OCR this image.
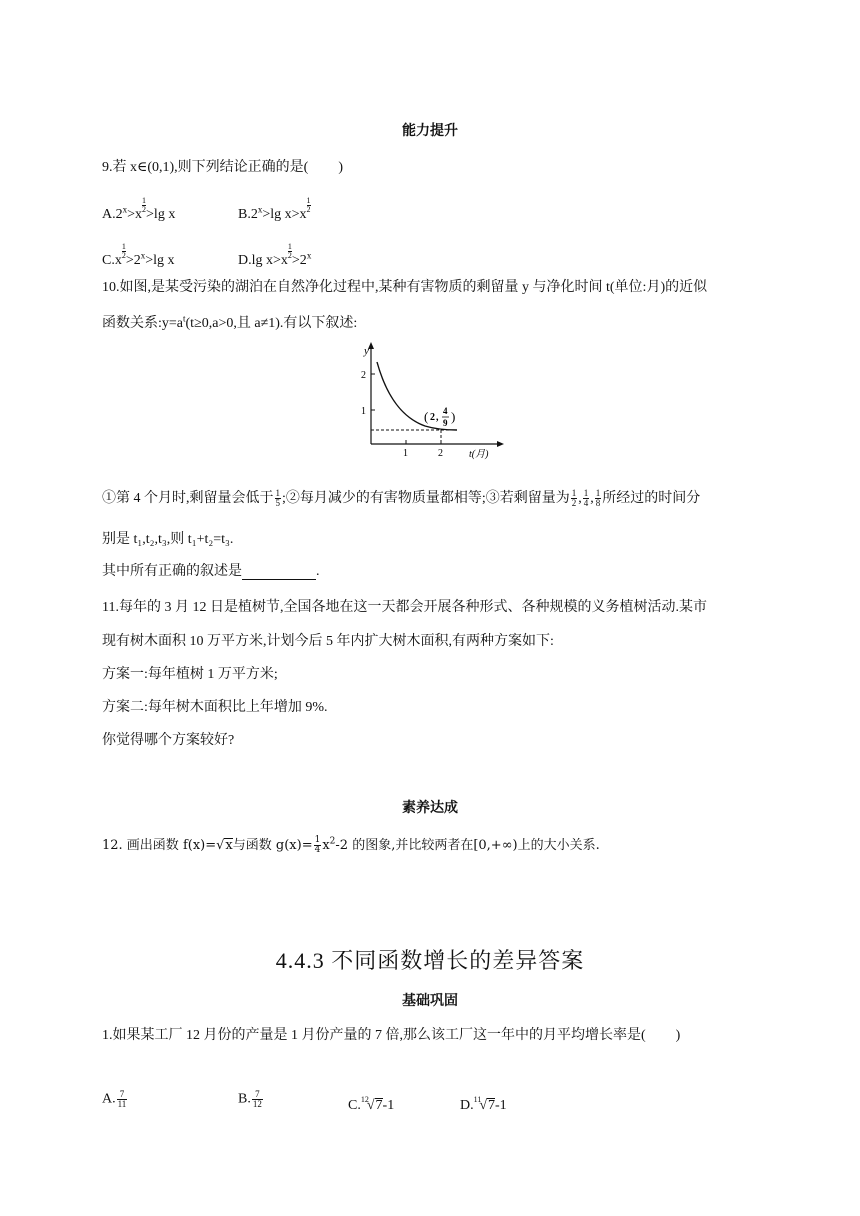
能力提升
9.若 x∈(0,1),则下列结论正确的是( )
$A.2^x>x$
$\frac{1}{2}>\lg$ x	$B.2^x>\lg$ x>x
$\frac{1}{2}$
C.x
$\frac{1}{2}>2^x>\lg$ x	D.lg x>x
$\frac{1}{2}>2^x$
10.如图,是某受污染的湖泊在自然净化过程中,某种有害物质的剩留量 y 与净化时间 t(单位:月)的近似
函数关系$:y=a^t(t\ge 0,a>0$,且 a≠1).有以下叙述:
y
1
2
1	2	t(月)
( 2 ,
4
9 )
①第 4 个月时,剩留量会低于 $\frac{1}{5}$ ;②每月减少的有害物质量都相等;③若剩留量为 $\frac{1}{2}$ , $\frac{1}{4}$ , $\frac{1}{8}$ 所经过的时间分
别是 t₁,t₂,t₃,则 t₁+t₂=t₃.
其中所有正确的叙述是	.
11.每年的 3 月 12 日是植树节,全国各地在这一天都会开展各种形式、各种规模的义务植树活动.某市
现有树木面积 10 万平方米,计划今后 5 年内扩大树木面积,有两种方案如下:
方案一:每年植树 1 万平方米;
方案二:每年树木面积比上年增加 9%.
你觉得哪个方案较好?
素养达成
12. 画出函数 f(x)=√x与函数 $g(x)= \frac{1}{4} x^2-2$ 的图象,并比较两者在[0,+∞)上的大小关系.
4.4.3 不同函数增长的差异答案
基础巩固
1.如果某工厂 12 月份的产量是 1 月份产量的 7 倍,那么该工厂这一年中的月平均增长率是( )
A. $\frac{7}{11}$	B. $\frac{7}{12}$	C.$^{12}$√7-1	D.$^{11}$√7-1
